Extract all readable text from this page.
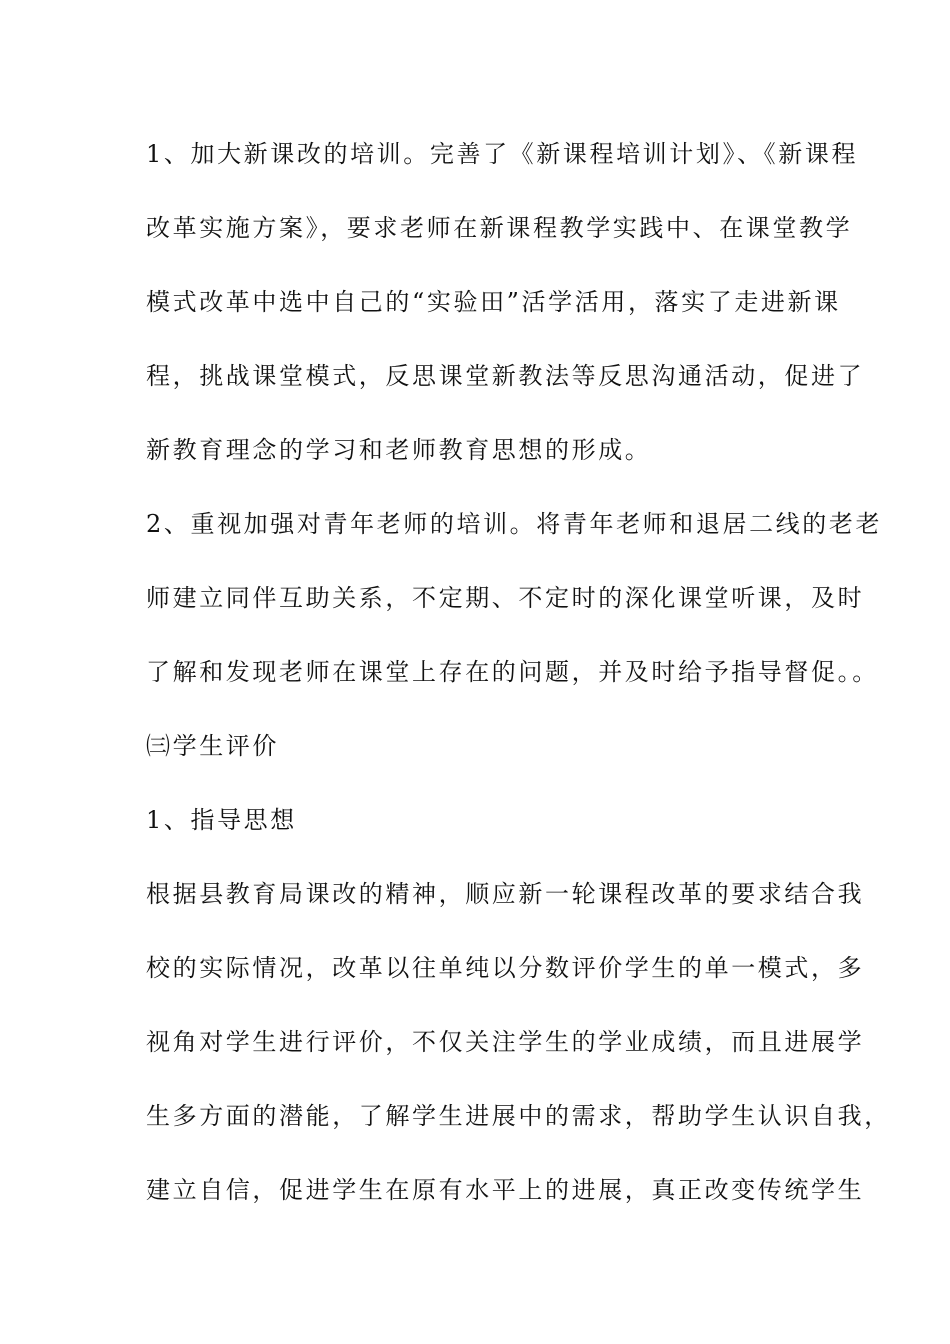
1、加大新课改的培训。完善了《新课程培训计划》、《新课程
改革实施方案》，要求老师在新课程教学实践中、在课堂教学
模式改革中选中自己的“实验田”活学活用，落实了走进新课
程，挑战课堂模式，反思课堂新教法等反思沟通活动，促进了
新教育理念的学习和老师教育思想的形成。
2、重视加强对青年老师的培训。将青年老师和退居二线的老老
师建立同伴互助关系，不定期、不定时的深化课堂听课，及时
了解和发现老师在课堂上存在的问题，并及时给予指导督促。。
㈢学生评价
1、指导思想
根据县教育局课改的精神，顺应新一轮课程改革的要求结合我
校的实际情况，改革以往单纯以分数评价学生的单一模式，多
视角对学生进行评价，不仅关注学生的学业成绩，而且进展学
生多方面的潜能，了解学生进展中的需求，帮助学生认识自我，
建立自信，促进学生在原有水平上的进展，真正改变传统学生
